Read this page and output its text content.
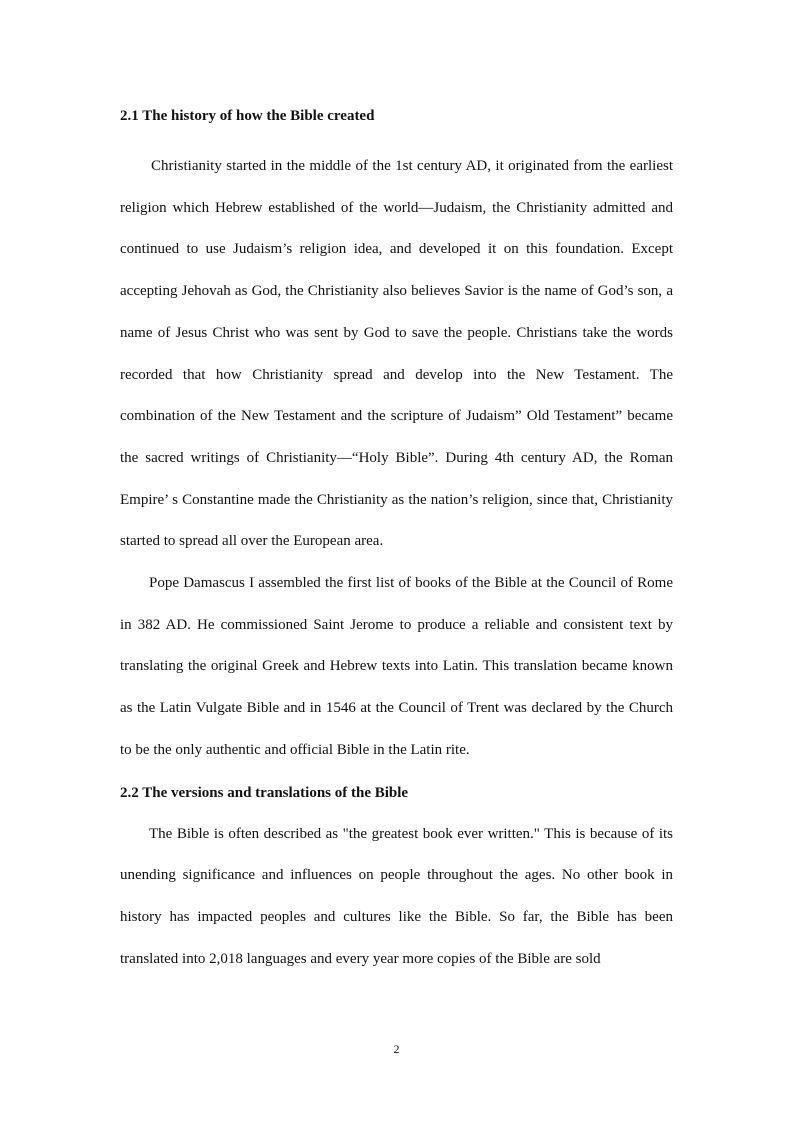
2.1 The history of how the Bible created

Christianity started in the middle of the 1st century AD, it originated from the earliest religion which Hebrew established of the world—Judaism, the Christianity admitted and continued to use Judaism’s religion idea, and developed it on this foundation. Except accepting Jehovah as God, the Christianity also believes Savior is the name of God’s son, a name of Jesus Christ who was sent by God to save the people. Christians take the words recorded that how Christianity spread and develop into the New Testament. The combination of the New Testament and the scripture of Judaism” Old Testament” became the sacred writings of Christianity—“Holy Bible”. During 4th century AD, the Roman Empire’ s Constantine made the Christianity as the nation’s religion, since that, Christianity started to spread all over the European area.

Pope Damascus I assembled the first list of books of the Bible at the Council of Rome in 382 AD. He commissioned Saint Jerome to produce a reliable and consistent text by translating the original Greek and Hebrew texts into Latin. This translation became known as the Latin Vulgate Bible and in 1546 at the Council of Trent was declared by the Church to be the only authentic and official Bible in the Latin rite.

2.2 The versions and translations of the Bible

The Bible is often described as "the greatest book ever written." This is because of its unending significance and influences on people throughout the ages. No other book in history has impacted peoples and cultures like the Bible. So far, the Bible has been translated into 2,018 languages and every year more copies of the Bible are sold

2
